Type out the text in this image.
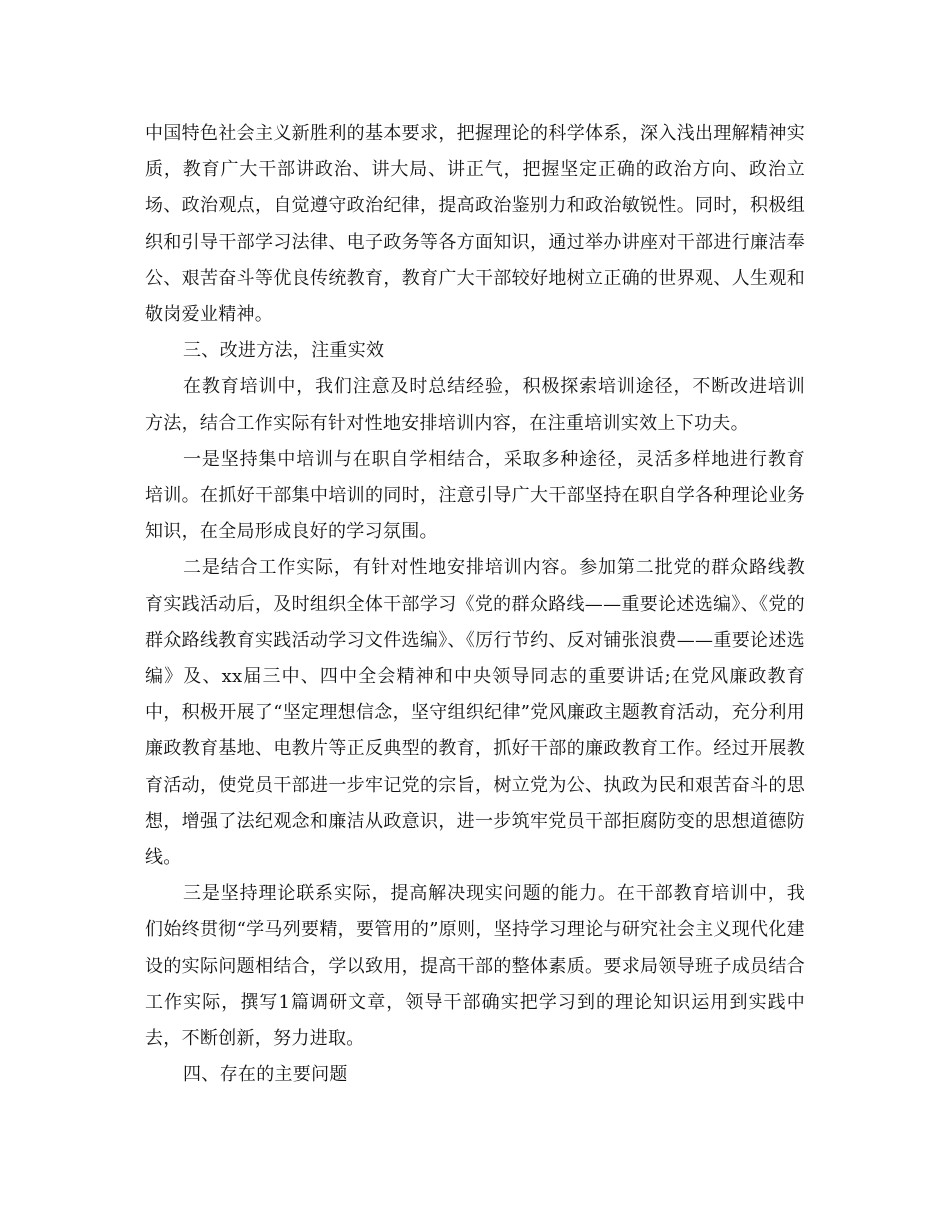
中国特色社会主义新胜利的基本要求，把握理论的科学体系，深入浅出理解精神实质，教育广大干部讲政治、讲大局、讲正气，把握坚定正确的政治方向、政治立场、政治观点，自觉遵守政治纪律，提高政治鉴别力和政治敏锐性。同时，积极组织和引导干部学习法律、电子政务等各方面知识，通过举办讲座对干部进行廉洁奉公、艰苦奋斗等优良传统教育，教育广大干部较好地树立正确的世界观、人生观和敬岗爱业精神。

三、改进方法，注重实效

在教育培训中，我们注意及时总结经验，积极探索培训途径，不断改进培训方法，结合工作实际有针对性地安排培训内容，在注重培训实效上下功夫。

一是坚持集中培训与在职自学相结合，采取多种途径，灵活多样地进行教育培训。在抓好干部集中培训的同时，注意引导广大干部坚持在职自学各种理论业务知识，在全局形成良好的学习氛围。

二是结合工作实际，有针对性地安排培训内容。参加第二批党的群众路线教育实践活动后，及时组织全体干部学习《党的群众路线——重要论述选编》、《党的群众路线教育实践活动学习文件选编》、《厉行节约、反对铺张浪费——重要论述选编》及、xx届三中、四中全会精神和中央领导同志的重要讲话;在党风廉政教育中，积极开展了“坚定理想信念，坚守组织纪律”党风廉政主题教育活动，充分利用廉政教育基地、电教片等正反典型的教育，抓好干部的廉政教育工作。经过开展教育活动，使党员干部进一步牢记党的宗旨，树立党为公、执政为民和艰苦奋斗的思想，增强了法纪观念和廉洁从政意识，进一步筑牢党员干部拒腐防变的思想道德防线。

三是坚持理论联系实际，提高解决现实问题的能力。在干部教育培训中，我们始终贯彻“学马列要精，要管用的”原则，坚持学习理论与研究社会主义现代化建设的实际问题相结合，学以致用，提高干部的整体素质。要求局领导班子成员结合工作实际，撰写1篇调研文章，领导干部确实把学习到的理论知识运用到实践中去，不断创新，努力进取。

四、存在的主要问题
